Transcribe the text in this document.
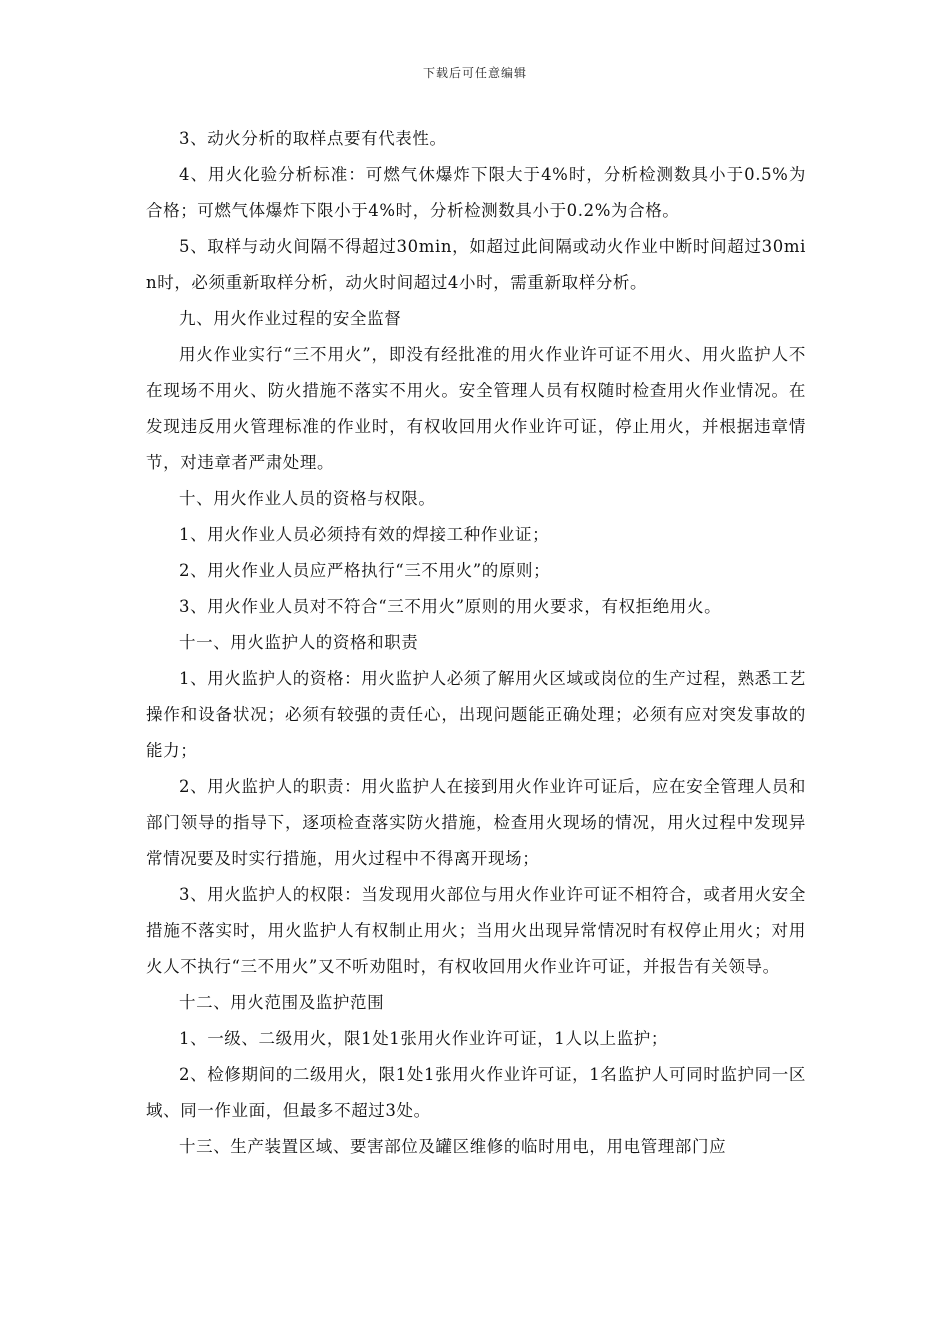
下载后可任意编辑

3、动火分析的取样点要有代表性。

4、用火化验分析标准：可燃气休爆炸下限大于4%时，分析检测数具小于0.5%为合格；可燃气体爆炸下限小于4%时，分析检测数具小于0.2%为合格。

5、取样与动火间隔不得超过30min，如超过此间隔或动火作业中断时间超过30min时，必须重新取样分析，动火时间超过4小时，需重新取样分析。

九、用火作业过程的安全监督

用火作业实行“三不用火”，即没有经批准的用火作业许可证不用火、用火监护人不在现场不用火、防火措施不落实不用火。安全管理人员有权随时检查用火作业情况。在发现违反用火管理标准的作业时，有权收回用火作业许可证，停止用火，并根据违章情节，对违章者严肃处理。

十、用火作业人员的资格与权限。

1、用火作业人员必须持有效的焊接工种作业证；

2、用火作业人员应严格执行“三不用火”的原则；

3、用火作业人员对不符合“三不用火”原则的用火要求，有权拒绝用火。

十一、用火监护人的资格和职责

1、用火监护人的资格：用火监护人必须了解用火区域或岗位的生产过程，熟悉工艺操作和设备状况；必须有较强的责任心，出现问题能正确处理；必须有应对突发事故的能力；

2、用火监护人的职责：用火监护人在接到用火作业许可证后，应在安全管理人员和部门领导的指导下，逐项检查落实防火措施，检查用火现场的情况，用火过程中发现异常情况要及时实行措施，用火过程中不得离开现场；

3、用火监护人的权限：当发现用火部位与用火作业许可证不相符合，或者用火安全措施不落实时，用火监护人有权制止用火；当用火出现异常情况时有权停止用火；对用火人不执行“三不用火”又不听劝阻时，有权收回用火作业许可证，并报告有关领导。

十二、用火范围及监护范围

1、一级、二级用火，限1处1张用火作业许可证，1人以上监护；

2、检修期间的二级用火，限1处1张用火作业许可证，1名监护人可同时监护同一区域、同一作业面，但最多不超过3处。

十三、生产装置区域、要害部位及罐区维修的临时用电，用电管理部门应
